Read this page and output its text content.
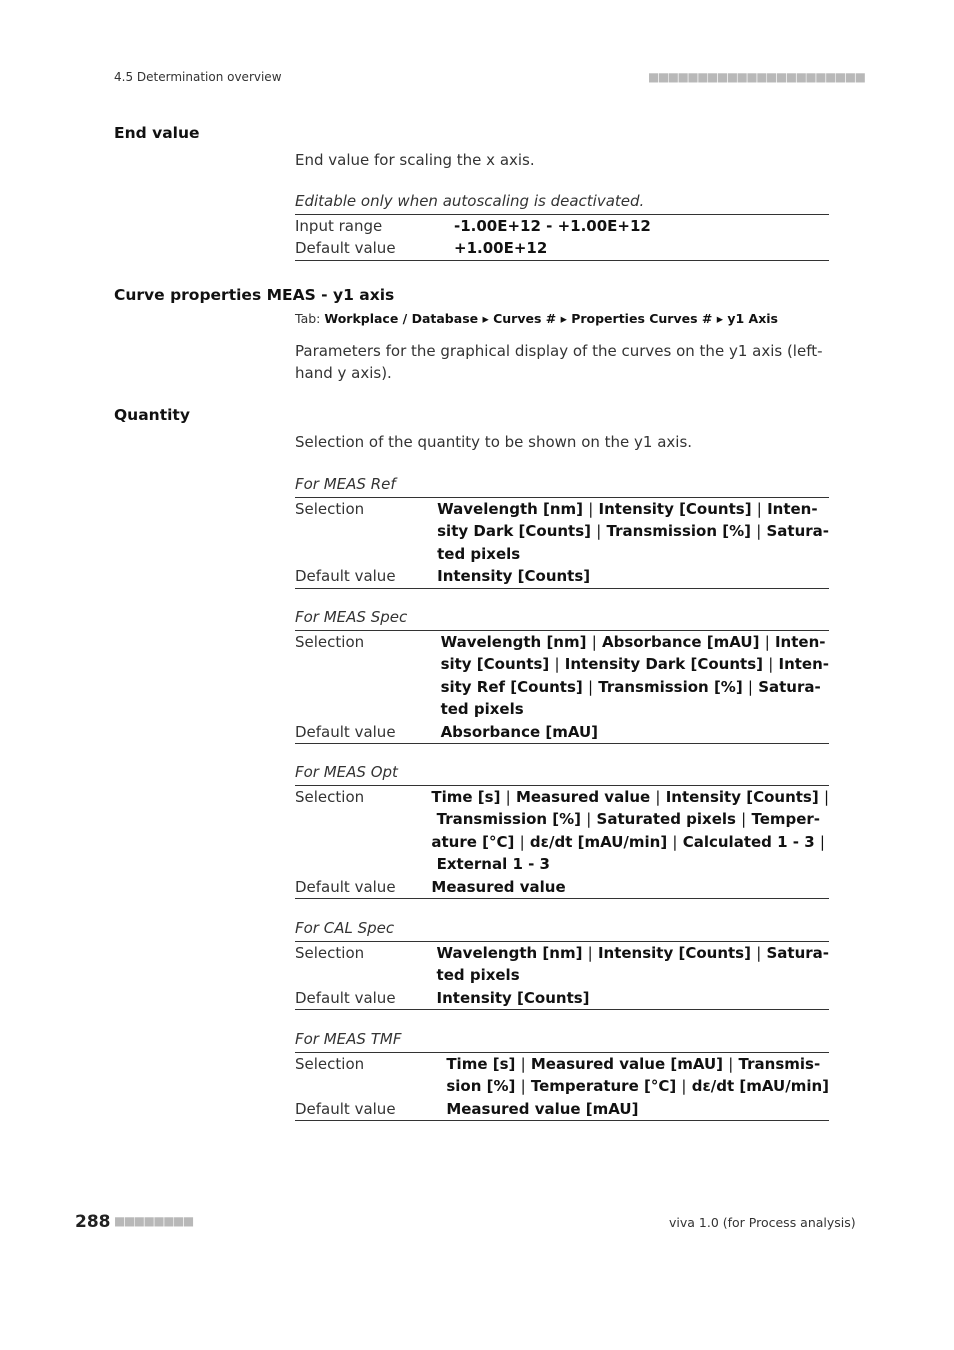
4.5 Determination overview	■■■■■■■■■■■■■■■■■■■■■■
End value
End value for scaling the x axis.
Editable only when autoscaling is deactivated.
Input range	-1.00E+12 - +1.00E+12
Default value	+1.00E+12
Curve properties MEAS - y1 axis
Tab: Workplace / Database ▸ Curves # ▸ Properties Curves # ▸ y1 Axis
Parameters for the graphical display of the curves on the y1 axis (left-hand y axis).
Quantity
Selection of the quantity to be shown on the y1 axis.
For MEAS Ref
Selection	Wavelength [nm] | Intensity [Counts] | Inten-
sity Dark [Counts] | Transmission [%] | Satura-
ted pixels

Default value	Intensity [Counts]
For MEAS Spec
Selection	Wavelength [nm] | Absorbance [mAU] | Inten-
sity [Counts] | Intensity Dark [Counts] | Inten-
sity Ref [Counts] | Transmission [%] | Satura-
ted pixels

Default value	Absorbance [mAU]
For MEAS Opt
Selection	Time [s] | Measured value | Intensity [Counts] |
Transmission [%] | Saturated pixels | Temper-
ature [°C] | dε/dt [mAU/min] | Calculated 1 - 3 |
External 1 - 3

Default value	Measured value
For CAL Spec
Selection	Wavelength [nm] | Intensity [Counts] | Satura-
ted pixels

Default value	Intensity [Counts]
For MEAS TMF
Selection	Time [s] | Measured value [mAU] | Transmis-
sion [%] | Temperature [°C] | dε/dt [mAU/min]

Default value	Measured value [mAU]
288 ■■■■■■■■	viva 1.0 (for Process analysis)
